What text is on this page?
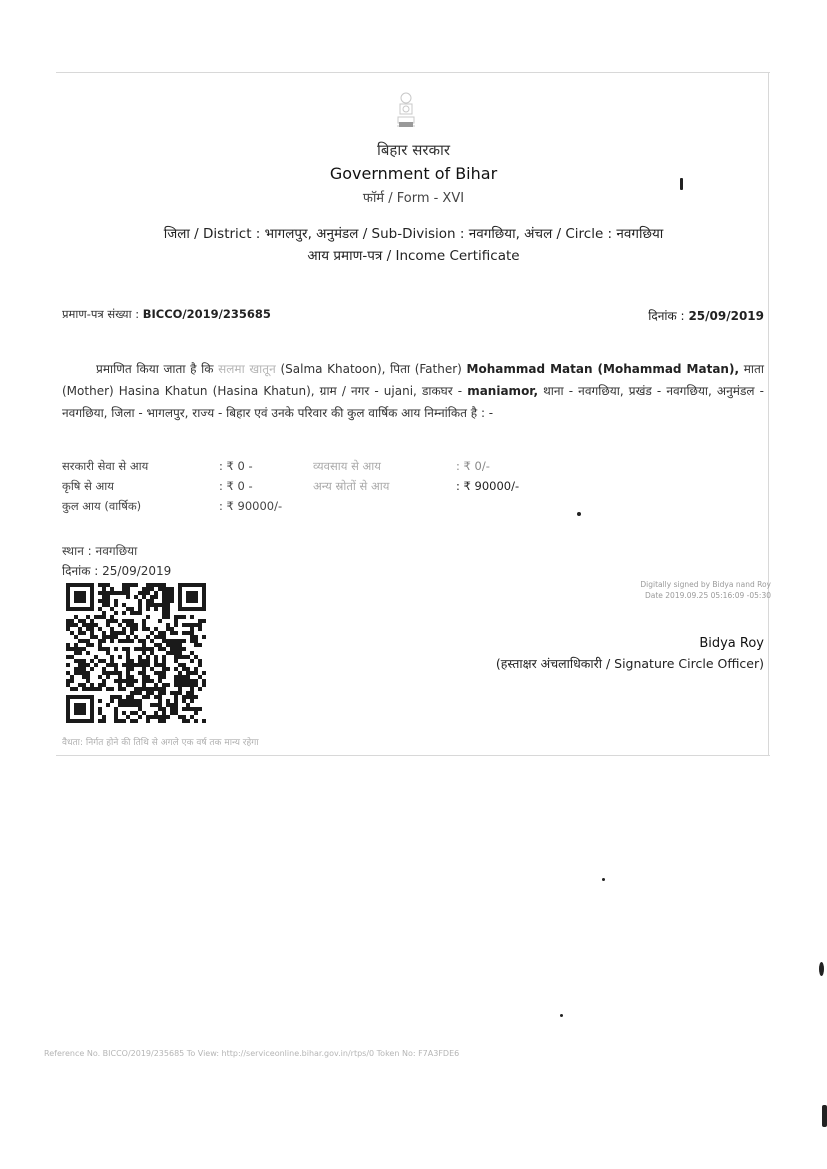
बिहार सरकार
Government of Bihar
फॉर्म / Form - XVI
जिला / District : भागलपुर, अनुमंडल / Sub-Division : नवगछिया, अंचल / Circle : नवगछिया
आय प्रमाण-पत्र / Income Certificate
प्रमाण-पत्र संख्या : BICCO/2019/235685	दिनांक : 25/09/2019
प्रमाणित किया जाता है कि सलमा खातून (Salma Khatoon), पिता (Father) Mohammad Matan (Mohammad Matan), माता (Mother) Hasina Khatun (Hasina Khatun), ग्राम / नगर - ujani, डाकघर - maniamor, थाना - नवगछिया, प्रखंड - नवगछिया, अनुमंडल - नवगछिया, जिला - भागलपुर, राज्य - बिहार एवं उनके परिवार की कुल वार्षिक आय निम्नांकित है : -
सरकारी सेवा से आय	: ₹ 0 -	व्यवसाय से आय	: ₹ 0/-
कृषि से आय	: ₹ 0 -	अन्य स्रोतों से आय	: ₹ 90000/-
कुल आय (वार्षिक)	: ₹ 90000/-
स्थान : नवगछिया
दिनांक : 25/09/2019
Digitally signed by Bidya nand Roy
Date 2019.09.25 05:16:09 -05:30
Bidya Roy
(हस्ताक्षर अंचलाधिकारी / Signature Circle Officer)
वैधता: निर्गत होने की तिथि से अगले एक वर्ष तक मान्य रहेगा
Reference No. BICCO/2019/235685 To View: http://serviceonline.bihar.gov.in/rtps/0 Token No: F7A3FDE6
